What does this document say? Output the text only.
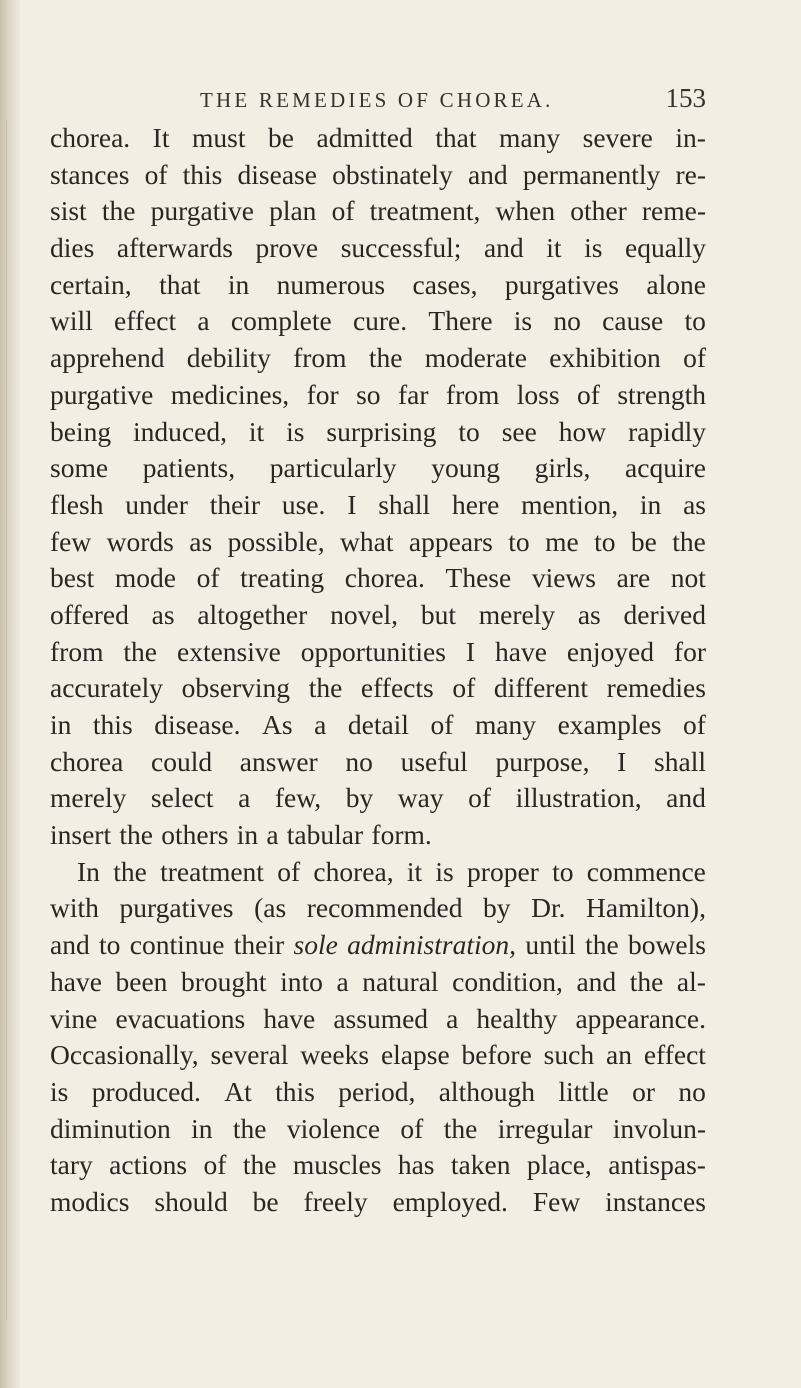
THE REMEDIES OF CHOREA.	153
chorea. It must be admitted that many severe in-
stances of this disease obstinately and permanently re-
sist the purgative plan of treatment, when other reme-
dies afterwards prove successful; and it is equally
certain, that in numerous cases, purgatives alone
will effect a complete cure. There is no cause to
apprehend debility from the moderate exhibition of
purgative medicines, for so far from loss of strength
being induced, it is surprising to see how rapidly
some patients, particularly young girls, acquire
flesh under their use. I shall here mention, in as
few words as possible, what appears to me to be the
best mode of treating chorea. These views are not
offered as altogether novel, but merely as derived
from the extensive opportunities I have enjoyed for
accurately observing the effects of different remedies
in this disease. As a detail of many examples of
chorea could answer no useful purpose, I shall
merely select a few, by way of illustration, and
insert the others in a tabular form.
In the treatment of chorea, it is proper to commence
with purgatives (as recommended by Dr. Hamilton),
and to continue their sole administration, until the bowels
have been brought into a natural condition, and the al-
vine evacuations have assumed a healthy appearance.
Occasionally, several weeks elapse before such an effect
is produced. At this period, although little or no
diminution in the violence of the irregular involun-
tary actions of the muscles has taken place, antispas-
modics should be freely employed. Few instances
